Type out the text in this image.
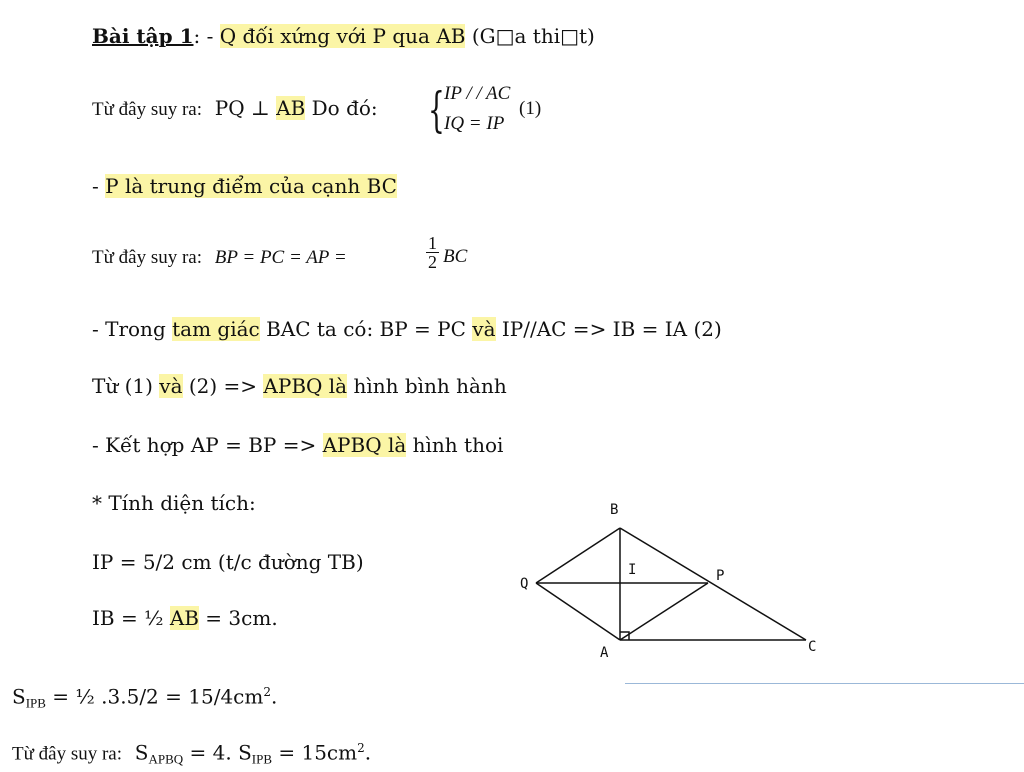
Bài tập 1: - Q đối xứng với P qua AB (G□a thi□t)
Từ đây suy ra: PQ ⊥ AB Do đó: { IP / / AC
IQ = IP
(1)
- P là trung điểm của cạnh BC
Từ đây suy ra: BP = PC = AP =	$\frac{1}{2}$ BC
- Trong tam giác BAC ta có: BP = PC và IP//AC => IB = IA (2)
Từ (1) và (2) => APBQ là hình bình hành
- Kết hợp AP = BP => APBQ là hình thoi
* Tính diện tích:
IP = 5/2 cm (t/c đường TB)
IB = ½ AB = 3cm.
$S_{IPB}$ = ½ $.3.5/2 = 15/4cm^2$.
Từ đây suy ra: $S_{APBQ} = 4$. $S_{IPB} = 15cm^2$.
B
I	P
Q
A	C
